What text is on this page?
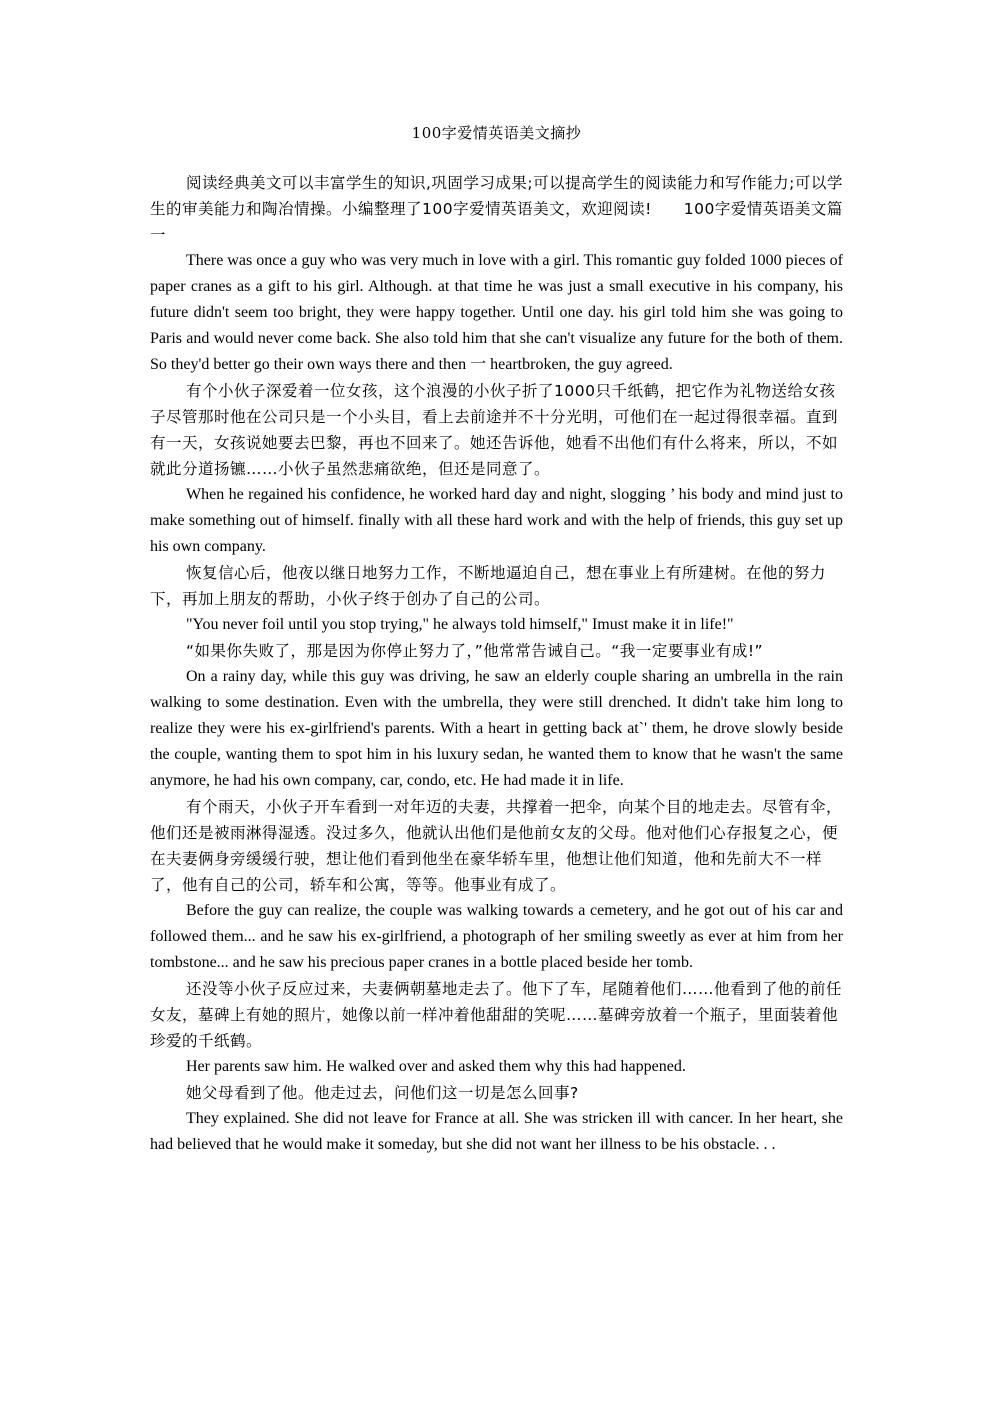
100字爱情英语美文摘抄

阅读经典美文可以丰富学生的知识,巩固学习成果;可以提高学生的阅读能力和写作能力;可以学生的审美能力和陶冶情操。小编整理了100字爱情英语美文，欢迎阅读!　　100字爱情英语美文篇一

There was once a guy who was very much in love with a girl. This romantic guy folded 1000 pieces of paper cranes as a gift to his girl. Although. at that time he was just a small executive in his company, his future didn't seem too bright, they were happy together. Until one day. his girl told him she was going to Paris and would never come back. She also told him that she can't visualize any future for the both of them. So they'd better go their own ways there and then 一 heartbroken, the guy agreed.

有个小伙子深爱着一位女孩，这个浪漫的小伙子折了1000只千纸鹤，把它作为礼物送给女孩子尽管那时他在公司只是一个小头目，看上去前途并不十分光明，可他们在一起过得很幸福。直到有一天，女孩说她要去巴黎，再也不回来了。她还告诉他，她看不出他们有什么将来，所以，不如就此分道扬镳……小伙子虽然悲痛欲绝，但还是同意了。

When he regained his confidence, he worked hard day and night, slogging ’ his body and mind just to make something out of himself. finally with all these hard work and with the help of friends, this guy set up his own company.

恢复信心后，他夜以继日地努力工作，不断地逼迫自己，想在事业上有所建树。在他的努力下，再加上朋友的帮助，小伙子终于创办了自己的公司。

"You never foil until you stop trying," he always told himself," Imust make it in life!"

“如果你失败了，那是因为你停止努力了，”他常常告诫自己。“我一定要事业有成!”

On a rainy day, while this guy was driving, he saw an elderly couple sharing an umbrella in the rain walking to some destination. Even with the umbrella, they were still drenched. It didn't take him long to realize they were his ex-girlfriend's parents. With a heart in getting back at`' them, he drove slowly beside the couple, wanting them to spot him in his luxury sedan, he wanted them to know that he wasn't the same anymore, he had his own company, car, condo, etc. He had made it in life.

有个雨天，小伙子开车看到一对年迈的夫妻，共撑着一把伞，向某个目的地走去。尽管有伞，他们还是被雨淋得湿透。没过多久，他就认出他们是他前女友的父母。他对他们心存报复之心，便在夫妻俩身旁缓缓行驶，想让他们看到他坐在豪华轿车里，他想让他们知道，他和先前大不一样了，他有自己的公司，轿车和公寓，等等。他事业有成了。

Before the guy can realize, the couple was walking towards a cemetery, and he got out of his car and followed them... and he saw his ex-girlfriend, a photograph of her smiling sweetly as ever at him from her tombstone... and he saw his precious paper cranes in a bottle placed beside her tomb.

还没等小伙子反应过来，夫妻俩朝墓地走去了。他下了车，尾随着他们……他看到了他的前任女友，墓碑上有她的照片，她像以前一样冲着他甜甜的笑呢……墓碑旁放着一个瓶子，里面装着他珍爱的千纸鹤。

Her parents saw him. He walked over and asked them why this had happened.

她父母看到了他。他走过去，问他们这一切是怎么回事?

They explained. She did not leave for France at all. She was stricken ill with cancer. In her heart, she had believed that he would make it someday, but she did not want her illness to be his obstacle. . .
